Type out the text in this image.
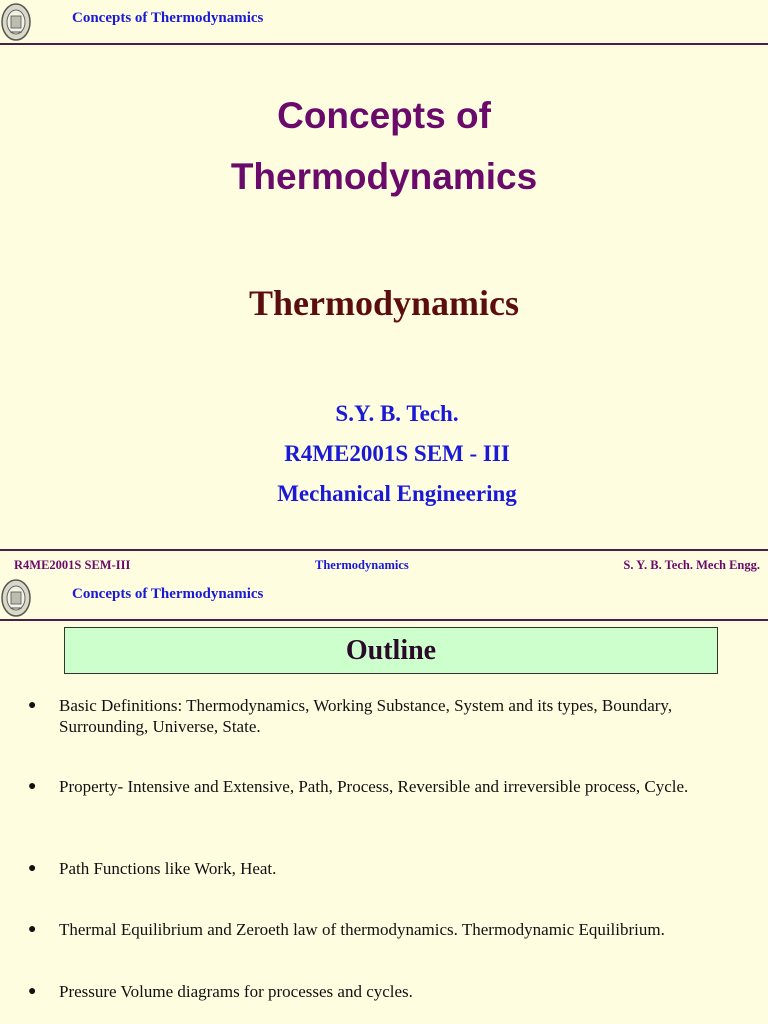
Concepts of Thermodynamics
Concepts of
Thermodynamics
Thermodynamics
S.Y. B. Tech.
R4ME2001S SEM - III
Mechanical Engineering
R4ME2001S SEM-III	Thermodynamics	S. Y. B. Tech. Mech Engg.
Concepts of Thermodynamics
Outline
● Basic Definitions: Thermodynamics, Working Substance, System and its types, Boundary, Surrounding, Universe, State.
● Property- Intensive and Extensive, Path, Process, Reversible and irreversible process, Cycle.
● Path Functions like Work, Heat.
● Thermal Equilibrium and Zeroeth law of thermodynamics. Thermodynamic Equilibrium.
● Pressure Volume diagrams for processes and cycles.
